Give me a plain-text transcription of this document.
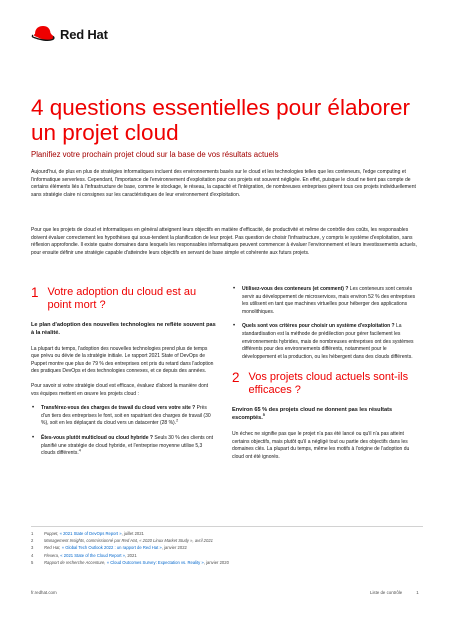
Red Hat
4 questions essentielles pour élaborer un projet cloud
Planifiez votre prochain projet cloud sur la base de vos résultats actuels

Aujourd'hui, de plus en plus de stratégies informatiques incluent des environnements basés sur le cloud et les technologies telles que les conteneurs, l'edge computing et l'informatique serverless. Cependant, l'importance de l'environnement d'exploitation pour ces projets est souvent négligée. En effet, puisque le cloud ne tient pas compte de certains éléments liés à l'infrastructure de base, comme le stockage, le réseau, la capacité et l'intégration, de nombreuses entreprises gèrent tous ces projets individuellement sans stratégie claire ni consignes sur les caractéristiques de leur environnement d'exploitation.

Pour que les projets de cloud et informatiques en général atteignent leurs objectifs en matière d'efficacité, de productivité et même de contrôle des coûts, les responsables doivent évaluer correctement les hypothèses qui sous-tendent la planification de leur projet. Pas question de choisir l'infrastructure, y compris le système d'exploitation, sans réflexion approfondie. Il existe quatre domaines dans lesquels les responsables informatiques peuvent commencer à évaluer l'environnement et leurs investissements actuels, pour ensuite définir une stratégie capable d'atteindre leurs objectifs en servant de base simple et cohérente aux futurs projets.

1 Votre adoption du cloud est au point mort ?

Le plan d'adoption des nouvelles technologies ne reflète souvent pas à la réalité.

La plupart du temps, l'adoption des nouvelles technologies prend plus de temps que prévu ou dévie de la stratégie initiale. Le rapport 2021 State of DevOps de Puppet montre que plus de 79 % des entreprises ont pris du retard dans l'adoption des pratiques DevOps et des technologies connexes, et ce depuis des années.

Pour savoir si votre stratégie cloud est efficace, évaluez d'abord la manière dont vos équipes mettent en œuvre les projets cloud :

• Transférez-vous des charges de travail du cloud vers votre site ? Près d'un tiers des entreprises le font, soit en rapatriant des charges de travail (30 %), soit en les déplaçant du cloud vers un datacenter (28 %).$^2$
• Êtes-vous plutôt multicloud ou cloud hybride ? Seuls 30 % des clients ont planifié une stratégie de cloud hybride, et l'entreprise moyenne utilise 5,3 clouds différents.$^4$
• Utilisez-vous des conteneurs (et comment) ? Les conteneurs sont censés servir au développement de microservices, mais environ 52 % des entreprises les utilisent en tant que machines virtuelles pour héberger des applications monolithiques.
• Quels sont vos critères pour choisir un système d'exploitation ? La standardisation est la méthode de prédilection pour gérer facilement les environnements hybrides, mais de nombreuses entreprises ont des systèmes différents pour des environnements différents, notamment pour le développement et la production, ou les hébergent dans des clouds différents.
2 Vos projets cloud actuels sont-ils efficaces ?

Environ 65 % des projets cloud ne donnent pas les résultats escomptés.$^5$

Un échec ne signifie pas que le projet n'a pas été lancé ou qu'il n'a pas atteint certains objectifs, mais plutôt qu'il a négligé tout ou partie des objectifs dans les domaines clés. La plupart du temps, même les motifs à l'origine de l'adoption du cloud ont été ignorés.

1	Puppet, « 2021 State of DevOps Report », juillet 2021
2	Management Insights, commissionné par Red Hat, « 2020 Linux Market Study », avril 2021
3	Red Hat, « Global Tech Outlook 2022 : un rapport de Red Hat », janvier 2022
4	Flexera, « 2021 State of the Cloud Report », 2021
5	Rapport de recherche Accenture, « Cloud Outcomes Survey: Expectation vs. Reality », janvier 2020
fr.redhat.com	Liste de contrôle	1
